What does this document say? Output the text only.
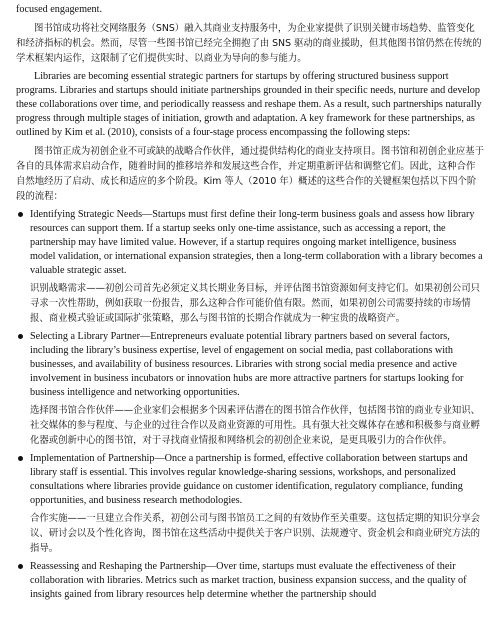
focused engagement.

图书馆成功将社交网络服务（SNS）融入其商业支持服务中，为企业家提供了识别关键市场趋势、监管变化和经济指标的机会。然而，尽管一些图书馆已经完全拥抱了由 SNS 驱动的商业援助，但其他图书馆仍然在传统的学术框架内运作，这限制了它们提供实时、以商业为导向的参与能力。

Libraries are becoming essential strategic partners for startups by offering structured business support programs. Libraries and startups should initiate partnerships grounded in their specific needs, nurture and develop these collaborations over time, and periodically reassess and reshape them. As a result, such partnerships naturally progress through multiple stages of initiation, growth and adaptation. A key framework for these partnerships, as outlined by Kim et al. (2010), consists of a four-stage process encompassing the following steps:

图书馆正成为初创企业不可或缺的战略合作伙伴，通过提供结构化的商业支持项目。图书馆和初创企业应基于各自的具体需求启动合作，随着时间的推移培养和发展这些合作，并定期重新评估和调整它们。因此，这种合作自然地经历了启动、成长和适应的多个阶段。Kim 等人（2010 年）概述的这些合作的关键框架包括以下四个阶段的流程：

Identifying Strategic Needs—Startups must first define their long-term business goals and assess how library resources can support them. If a startup seeks only one-time assistance, such as accessing a report, the partnership may have limited value. However, if a startup requires ongoing market intelligence, business model validation, or international expansion strategies, then a long-term collaboration with a library becomes a valuable strategic asset.

识别战略需求——初创公司首先必须定义其长期业务目标，并评估图书馆资源如何支持它们。如果初创公司只寻求一次性帮助，例如获取一份报告，那么这种合作可能价值有限。然而，如果初创公司需要持续的市场情报、商业模式验证或国际扩张策略，那么与图书馆的长期合作就成为一种宝贵的战略资产。

Selecting a Library Partner—Entrepreneurs evaluate potential library partners based on several factors, including the library’s business expertise, level of engagement on social media, past collaborations with businesses, and availability of business resources. Libraries with strong social media presence and active involvement in business incubators or innovation hubs are more attractive partners for startups looking for business intelligence and networking opportunities.

选择图书馆合作伙伴——企业家们会根据多个因素评估潜在的图书馆合作伙伴，包括图书馆的商业专业知识、社交媒体的参与程度、与企业的过往合作以及商业资源的可用性。具有强大社交媒体存在感和积极参与商业孵化器或创新中心的图书馆，对于寻找商业情报和网络机会的初创企业来说，是更具吸引力的合作伙伴。

Implementation of Partnership—Once a partnership is formed, effective collaboration between startups and library staff is essential. This involves regular knowledge-sharing sessions, workshops, and personalized consultations where libraries provide guidance on customer identification, regulatory compliance, funding opportunities, and business research methodologies.

合作实施——一旦建立合作关系，初创公司与图书馆员工之间的有效协作至关重要。这包括定期的知识分享会议、研讨会以及个性化咨询，图书馆在这些活动中提供关于客户识别、法规遵守、资金机会和商业研究方法的指导。

Reassessing and Reshaping the Partnership—Over time, startups must evaluate the effectiveness of their collaboration with libraries. Metrics such as market traction, business expansion success, and the quality of insights gained from library resources help determine whether the partnership should
